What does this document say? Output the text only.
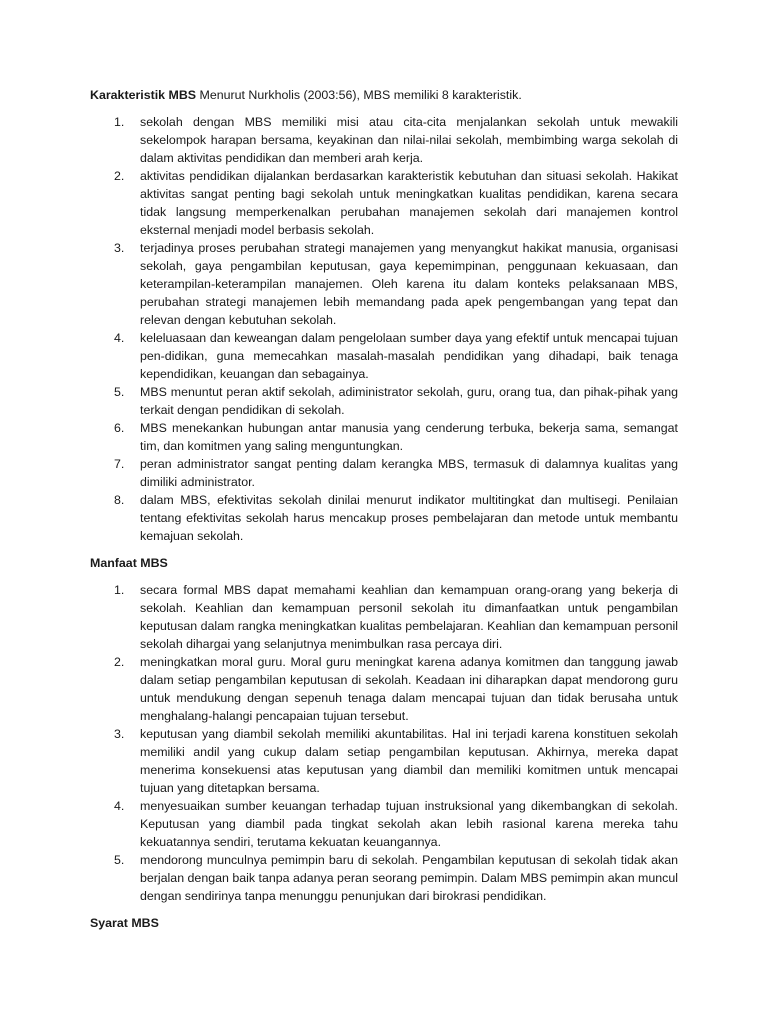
Karakteristik MBS Menurut Nurkholis (2003:56), MBS memiliki 8 karakteristik.

1. sekolah dengan MBS memiliki misi atau cita-cita menjalankan sekolah untuk mewakili sekelompok harapan bersama, keyakinan dan nilai-nilai sekolah, membimbing warga sekolah di dalam aktivitas pendidikan dan memberi arah kerja.
2. aktivitas pendidikan dijalankan berdasarkan karakteristik kebutuhan dan situasi sekolah. Hakikat aktivitas sangat penting bagi sekolah untuk meningkatkan kualitas pendidikan, karena secara tidak langsung memperkenalkan perubahan manajemen sekolah dari manajemen kontrol eksternal menjadi model berbasis sekolah.
3. terjadinya proses perubahan strategi manajemen yang menyangkut hakikat manusia, organisasi sekolah, gaya pengambilan keputusan, gaya kepemimpinan, penggunaan kekuasaan, dan keterampilan-keterampilan manajemen. Oleh karena itu dalam konteks pelaksanaan MBS, perubahan strategi manajemen lebih memandang pada apek pengembangan yang tepat dan relevan dengan kebutuhan sekolah.
4. keleluasaan dan keweangan dalam pengelolaan sumber daya yang efektif untuk mencapai tujuan pen-didikan, guna memecahkan masalah-masalah pendidikan yang dihadapi, baik tenaga kependidikan, keuangan dan sebagainya.
5. MBS menuntut peran aktif sekolah, adiministrator sekolah, guru, orang tua, dan pihak-pihak yang terkait dengan pendidikan di sekolah.
6. MBS menekankan hubungan antar manusia yang cenderung terbuka, bekerja sama, semangat tim, dan komitmen yang saling menguntungkan.
7. peran administrator sangat penting dalam kerangka MBS, termasuk di dalamnya kualitas yang dimiliki administrator.
8. dalam MBS, efektivitas sekolah dinilai menurut indikator multitingkat dan multisegi. Penilaian tentang efektivitas sekolah harus mencakup proses pembelajaran dan metode untuk membantu kemajuan sekolah.

Manfaat MBS

1. secara formal MBS dapat memahami keahlian dan kemampuan orang-orang yang bekerja di sekolah. Keahlian dan kemampuan personil sekolah itu dimanfaatkan untuk pengambilan keputusan dalam rangka meningkatkan kualitas pembelajaran. Keahlian dan kemampuan personil sekolah dihargai yang selanjutnya menimbulkan rasa percaya diri.
2. meningkatkan moral guru. Moral guru meningkat karena adanya komitmen dan tanggung jawab dalam setiap pengambilan keputusan di sekolah. Keadaan ini diharapkan dapat mendorong guru untuk mendukung dengan sepenuh tenaga dalam mencapai tujuan dan tidak berusaha untuk menghalang-halangi pencapaian tujuan tersebut.
3. keputusan yang diambil sekolah memiliki akuntabilitas. Hal ini terjadi karena konstituen sekolah memiliki andil yang cukup dalam setiap pengambilan keputusan. Akhirnya, mereka dapat menerima konsekuensi atas keputusan yang diambil dan memiliki komitmen untuk mencapai tujuan yang ditetapkan bersama.
4. menyesuaikan sumber keuangan terhadap tujuan instruksional yang dikembangkan di sekolah. Keputusan yang diambil pada tingkat sekolah akan lebih rasional karena mereka tahu kekuatannya sendiri, terutama kekuatan keuangannya.
5. mendorong munculnya pemimpin baru di sekolah. Pengambilan keputusan di sekolah tidak akan berjalan dengan baik tanpa adanya peran seorang pemimpin. Dalam MBS pemimpin akan muncul dengan sendirinya tanpa menunggu penunjukan dari birokrasi pendidikan.

Syarat MBS
